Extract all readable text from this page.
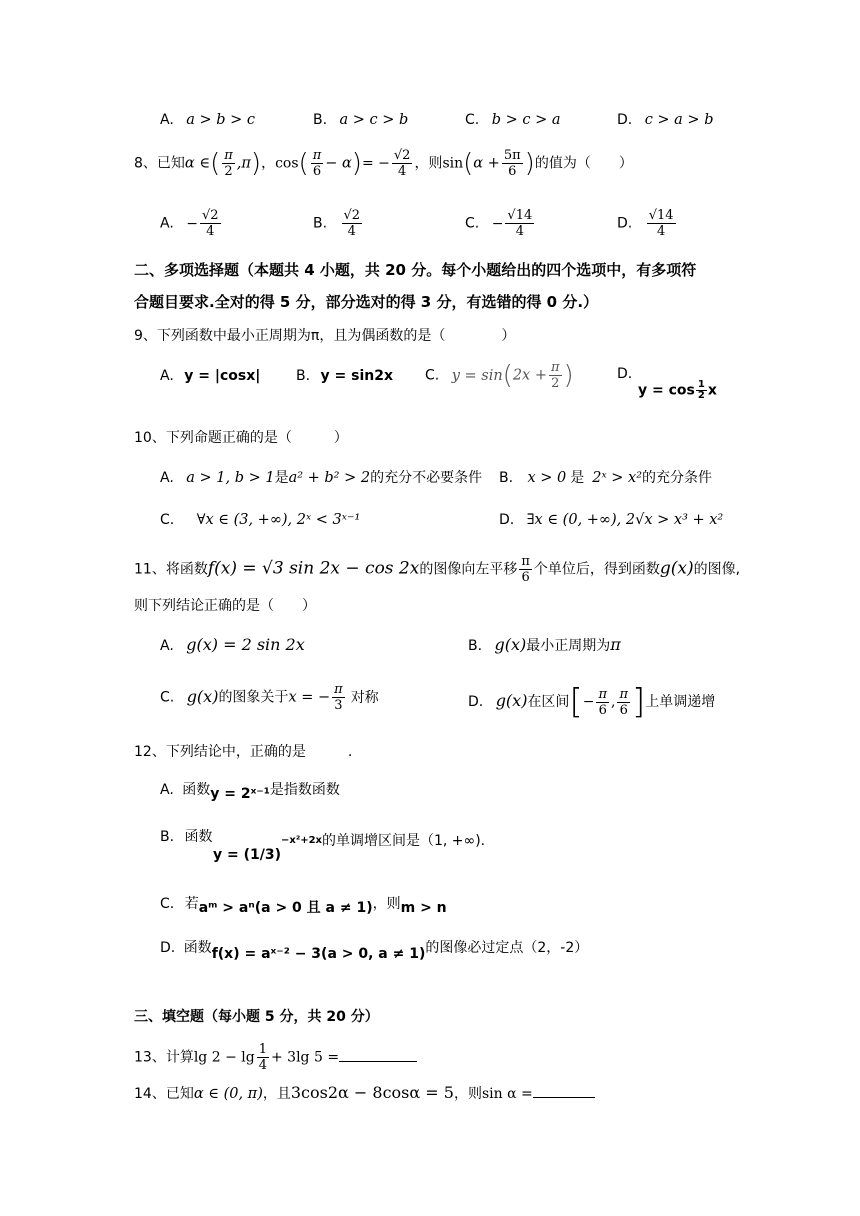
A. a > b > c	B. a > c > b	C. b > c > a	D. c > a > b
8、已知α ∈( $\frac{\pi}{2} ,\pi$)，$\cos( \frac{\pi}{6} - \alpha)= - \frac{√2}{4}$ ，则$\sin(\alpha + \frac{5\pi}{6}$ )的值为（　　）
A. − $\frac{√2}{4}$	B. $\frac{√2}{4}$	C. − $\frac{√14}{4}$	D. $\frac{√14}{4}$
二、多项选择题（本题共 4 小题，共 20 分。每个小题给出的四个选项中，有多项符
合题目要求.全对的得 5 分，部分选对的得 3 分，有选错的得 0 分.）
9、下列函数中最小正周期为π，且为偶函数的是（　　　　）
A. y = |cosx|	B. y = sin2x C. $y = \sin(2x + \frac{\pi}{2}$ )	D.
$y = \cos \frac{1}{2}$ x
10、下列命题正确的是（　　　）
A. a > 1, b > 1是a² + b² > 2的充分不必要条件 B. x > 0 是 2ˣ > x²的充分条件
C. ∀x ∈ (3, +∞), 2ˣ < 3ˣ⁻¹	D. ∃x ∈ (0, +∞), 2√x > x³ + x²
11、将函数f(x) = √3 sin 2x − cos 2x的图像向左平移 $\frac{\pi}{6}$ 个单位后，得到函数g(x)的图像,
则下列结论正确的是（　　）
A. g(x) = 2 sin 2x	B. g(x)最小正周期为π
C. g(x)的图象关于x = − $\frac{\pi}{3}$ 对称	D. g(x)在区间[− $\frac{\pi}{6}$ , $\frac{\pi}{6}$ ]上单调递增
12、下列结论中，正确的是　　　.
A. 函数y = 2ˣ⁻¹是指数函数
B. 函数
y = (1/3)−x²+2x的单调增区间是（1, +∞).
C. 若aᵐ > aⁿ(a > 0 且 a ≠ 1)，则m > n
D. 函数f(x) = aˣ⁻² − 3(a > 0, a ≠ 1)的图像必过定点（2，-2）
三、填空题（每小题 5 分，共 20 分）
13、计算$\lg 2 - \lg \frac{1}{4} + 3\lg$ 5 =
14、已知α ∈ (0, π)，且3cos2α − 8cosα = 5，则sin α =
